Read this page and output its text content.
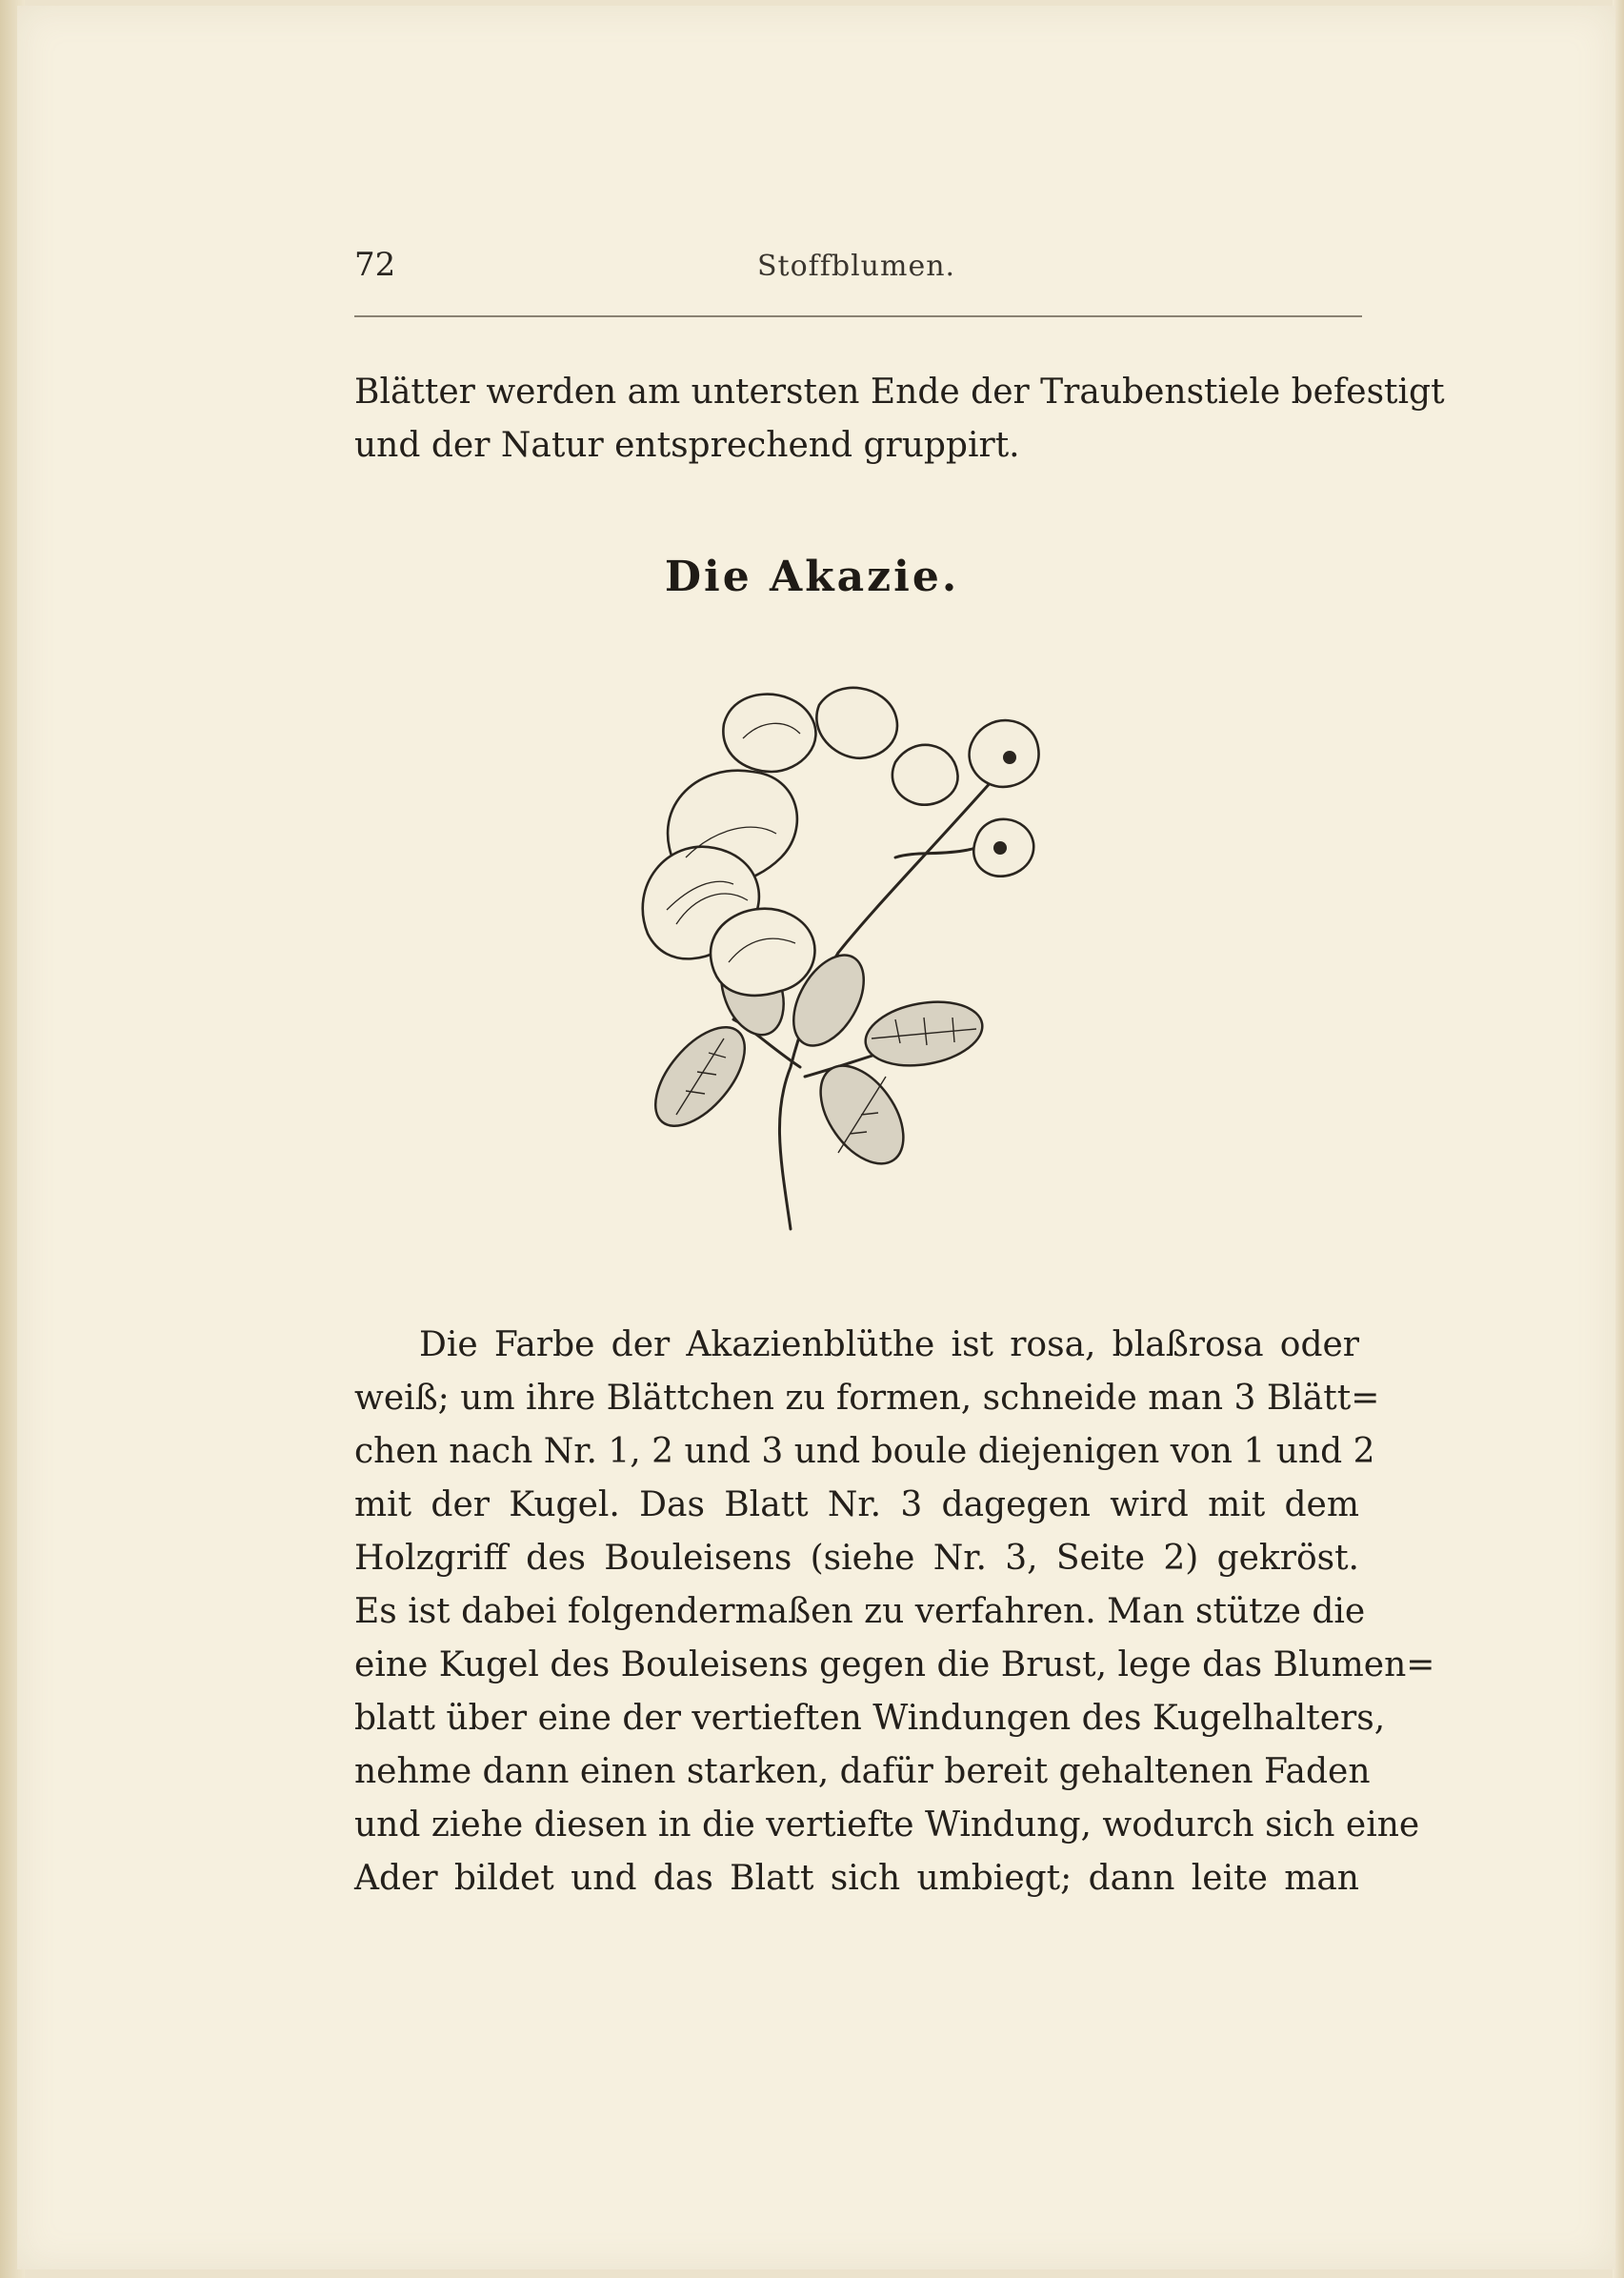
72	Stoffblumen.
Blätter werden am untersten Ende der Traubenstiele befestigt
und der Natur entsprechend gruppirt.
Die Akazie.
Die Farbe der Akazienblüthe ist rosa, blaßrosa oder
weiß; um ihre Blättchen zu formen, schneide man 3 Blätt=
chen nach Nr. 1, 2 und 3 und boule diejenigen von 1 und 2
mit der Kugel. Das Blatt Nr. 3 dagegen wird mit dem
Holzgriff des Bouleisens (siehe Nr. 3, Seite 2) gekröst.
Es ist dabei folgendermaßen zu verfahren. Man stütze die
eine Kugel des Bouleisens gegen die Brust, lege das Blumen=
blatt über eine der vertieften Windungen des Kugelhalters,
nehme dann einen starken, dafür bereit gehaltenen Faden
und ziehe diesen in die vertiefte Windung, wodurch sich eine
Ader bildet und das Blatt sich umbiegt; dann leite man
